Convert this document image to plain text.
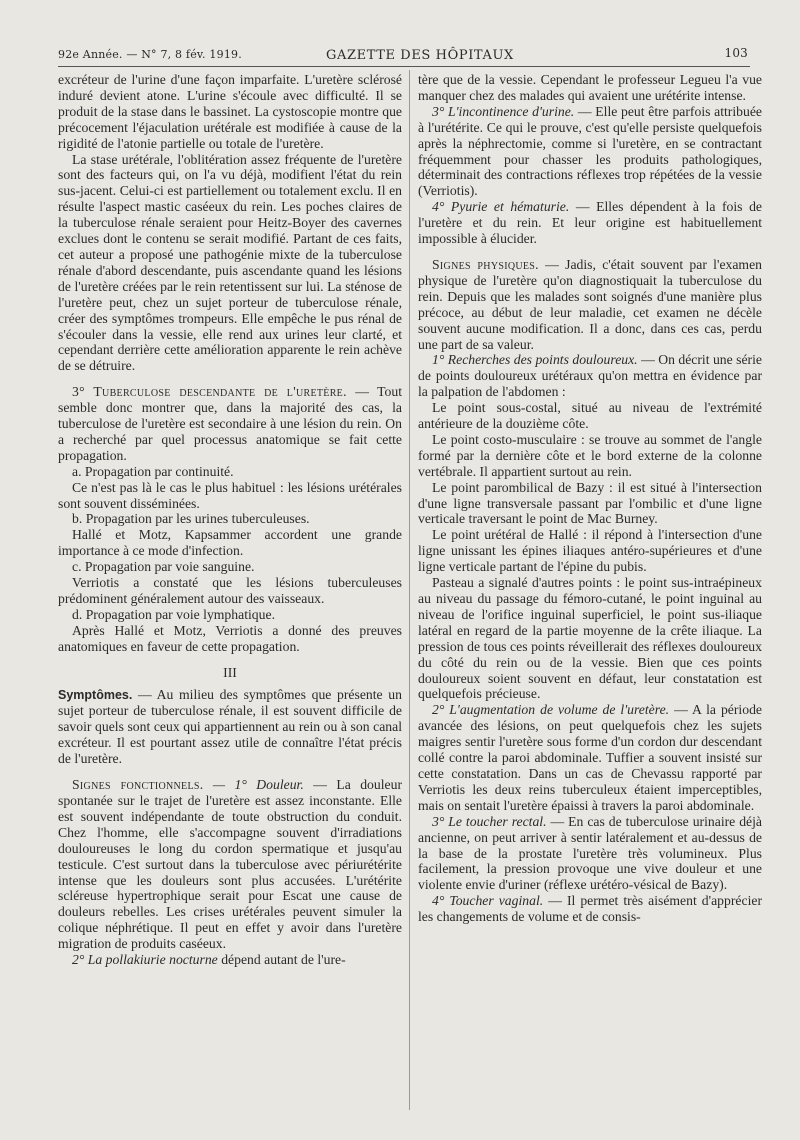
92e Année. — N° 7, 8 fév. 1919.	GAZETTE DES HÔPITAUX	103

excréteur de l'urine d'une façon imparfaite. L'uretère sclérosé induré devient atone. L'urine s'écoule avec difficulté. Il se produit de la stase dans le bassinet. La cystoscopie montre que précocement l'éjaculation urétérale est modifiée à cause de la rigidité de l'atonie partielle ou totale de l'uretère.

La stase urétérale, l'oblitération assez fréquente de l'uretère sont des facteurs qui, on l'a vu déjà, modifient l'état du rein sus-jacent. Celui-ci est partiellement ou totalement exclu. Il en résulte l'aspect mastic caséeux du rein. Les poches claires de la tuberculose rénale seraient pour Heitz-Boyer des cavernes exclues dont le contenu se serait modifié. Partant de ces faits, cet auteur a proposé une pathogénie mixte de la tuberculose rénale d'abord descendante, puis ascendante quand les lésions de l'uretère créées par le rein retentissent sur lui. La sténose de l'uretère peut, chez un sujet porteur de tuberculose rénale, créer des symptômes trompeurs. Elle empêche le pus rénal de s'écouler dans la vessie, elle rend aux urines leur clarté, et cependant derrière cette amélioration apparente le rein achève de se détruire.

3° Tuberculose descendante de l'uretère. — Tout semble donc montrer que, dans la majorité des cas, la tuberculose de l'uretère est secondaire à une lésion du rein. On a recherché par quel processus anatomique se fait cette propagation.

a. Propagation par continuité.

Ce n'est pas là le cas le plus habituel : les lésions urétérales sont souvent disséminées.

b. Propagation par les urines tuberculeuses.

Hallé et Motz, Kapsammer accordent une grande importance à ce mode d'infection.

c. Propagation par voie sanguine.

Verriotis a constaté que les lésions tuberculeuses prédominent généralement autour des vaisseaux.

d. Propagation par voie lymphatique.

Après Hallé et Motz, Verriotis a donné des preuves anatomiques en faveur de cette propagation.

III

Symptômes. — Au milieu des symptômes que présente un sujet porteur de tuberculose rénale, il est souvent difficile de savoir quels sont ceux qui appartiennent au rein ou à son canal excréteur. Il est pourtant assez utile de connaître l'état précis de l'uretère.

Signes fonctionnels. — 1° Douleur. — La douleur spontanée sur le trajet de l'uretère est assez inconstante. Elle est souvent indépendante de toute obstruction du conduit. Chez l'homme, elle s'accompagne souvent d'irradiations douloureuses le long du cordon spermatique et jusqu'au testicule. C'est surtout dans la tuberculose avec périurétérite intense que les douleurs sont plus accusées. L'urétérite scléreuse hypertrophique serait pour Escat une cause de douleurs rebelles. Les crises urétérales peuvent simuler la colique néphrétique. Il peut en effet y avoir dans l'uretère migration de produits caséeux.

2° La pollakiurie nocturne dépend autant de l'ure-

tère que de la vessie. Cependant le professeur Legueu l'a vue manquer chez des malades qui avaient une urétérite intense.

3° L'incontinence d'urine. — Elle peut être parfois attribuée à l'urétérite. Ce qui le prouve, c'est qu'elle persiste quelquefois après la néphrectomie, comme si l'uretère, en se contractant fréquemment pour chasser les produits pathologiques, déterminait des contractions réflexes trop répétées de la vessie (Verriotis).

4° Pyurie et hématurie. — Elles dépendent à la fois de l'uretère et du rein. Et leur origine est habituellement impossible à élucider.

Signes physiques. — Jadis, c'était souvent par l'examen physique de l'uretère qu'on diagnostiquait la tuberculose du rein. Depuis que les malades sont soignés d'une manière plus précoce, au début de leur maladie, cet examen ne décèle souvent aucune modification. Il a donc, dans ces cas, perdu une part de sa valeur.

1° Recherches des points douloureux. — On décrit une série de points douloureux urétéraux qu'on mettra en évidence par la palpation de l'abdomen :

Le point sous-costal, situé au niveau de l'extrémité antérieure de la douzième côte.

Le point costo-musculaire : se trouve au sommet de l'angle formé par la dernière côte et le bord externe de la colonne vertébrale. Il appartient surtout au rein.

Le point parombilical de Bazy : il est situé à l'intersection d'une ligne transversale passant par l'ombilic et d'une ligne verticale traversant le point de Mac Burney.

Le point urétéral de Hallé : il répond à l'intersection d'une ligne unissant les épines iliaques antéro-supérieures et d'une ligne verticale partant de l'épine du pubis.

Pasteau a signalé d'autres points : le point sus-intraépineux au niveau du passage du fémoro-cutané, le point inguinal au niveau de l'orifice inguinal superficiel, le point sus-iliaque latéral en regard de la partie moyenne de la crête iliaque. La pression de tous ces points réveillerait des réflexes douloureux du côté du rein ou de la vessie. Bien que ces points douloureux soient souvent en défaut, leur constatation est quelquefois précieuse.

2° L'augmentation de volume de l'uretère. — A la période avancée des lésions, on peut quelquefois chez les sujets maigres sentir l'uretère sous forme d'un cordon dur descendant collé contre la paroi abdominale. Tuffier a souvent insisté sur cette constatation. Dans un cas de Chevassu rapporté par Verriotis les deux reins tuberculeux étaient imperceptibles, mais on sentait l'uretère épaissi à travers la paroi abdominale.

3° Le toucher rectal. — En cas de tuberculose urinaire déjà ancienne, on peut arriver à sentir latéralement et au-dessus de la base de la prostate l'uretère très volumineux. Plus facilement, la pression provoque une vive douleur et une violente envie d'uriner (réflexe urétéro-vésical de Bazy).

4° Toucher vaginal. — Il permet très aisément d'apprécier les changements de volume et de consis-
